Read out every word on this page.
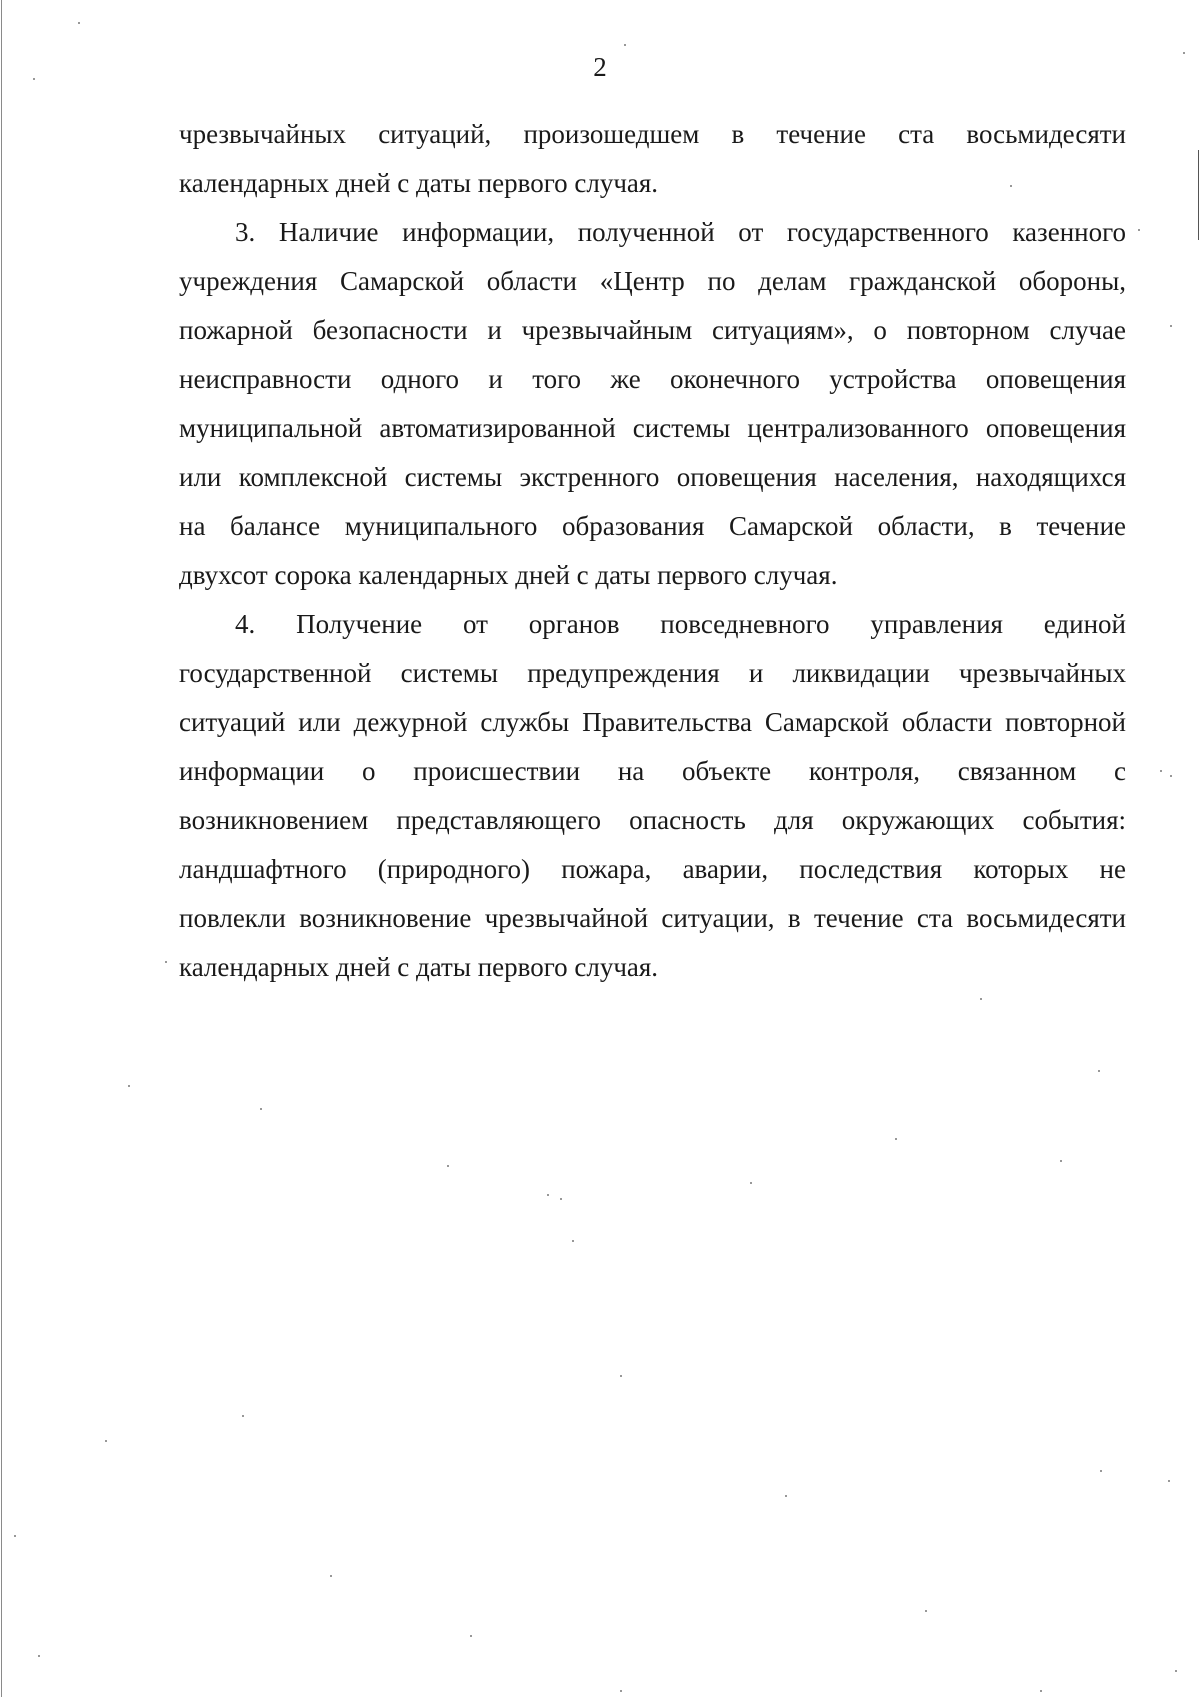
2
чрезвычайных ситуаций, произошедшем в течение ста восьмидесяти
календарных дней с даты первого случая.
3. Наличие информации, полученной от государственного казенного
учреждения Самарской области «Центр по делам гражданской обороны,
пожарной безопасности и чрезвычайным ситуациям», о повторном случае
неисправности одного и того же оконечного устройства оповещения
муниципальной автоматизированной системы централизованного оповещения
или комплексной системы экстренного оповещения населения, находящихся
на балансе муниципального образования Самарской области, в течение
двухсот сорока календарных дней с даты первого случая.
4. Получение от органов повседневного управления единой
государственной системы предупреждения и ликвидации чрезвычайных
ситуаций или дежурной службы Правительства Самарской области повторной
информации о происшествии на объекте контроля, связанном с
возникновением представляющего опасность для окружающих события:
ландшафтного (природного) пожара, аварии, последствия которых не
повлекли возникновение чрезвычайной ситуации, в течение ста восьмидесяти
календарных дней с даты первого случая.
